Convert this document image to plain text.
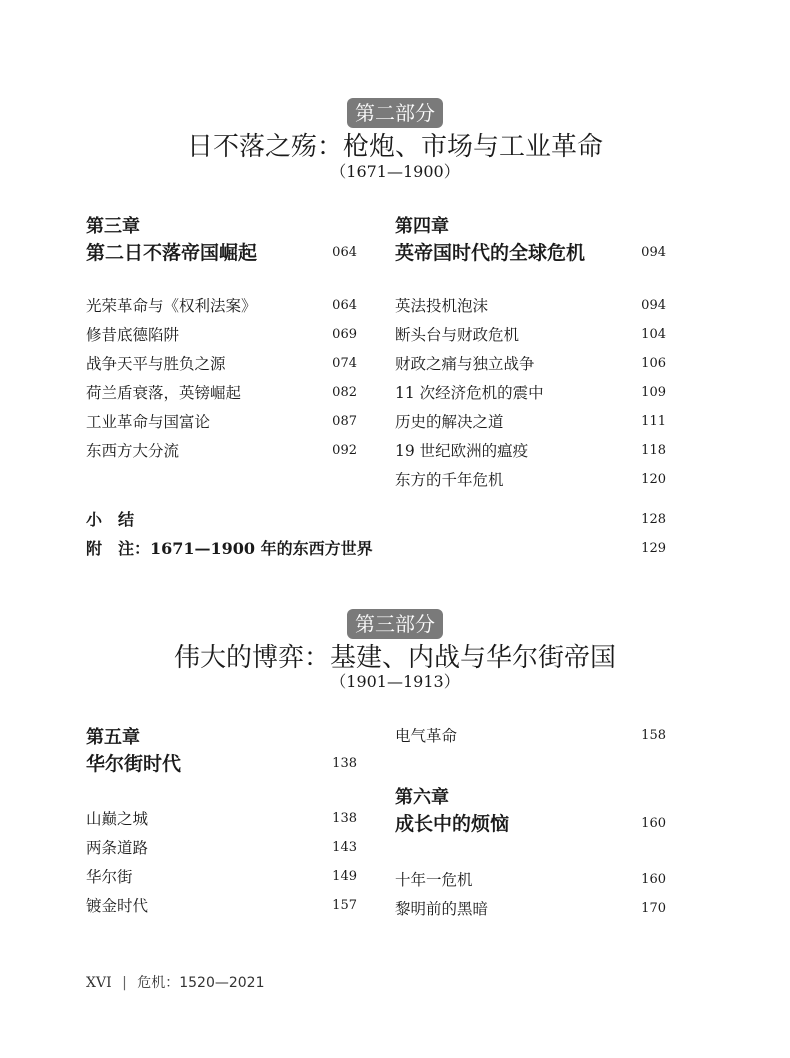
第二部分
日不落之殇：枪炮、市场与工业革命
（1671—1900）
第三章
第二日不落帝国崛起	064
第四章
英帝国时代的全球危机	094
光荣革命与《权利法案》	064
修昔底德陷阱	069
战争天平与胜负之源	074
荷兰盾衰落，英镑崛起	082
工业革命与国富论	087
东西方大分流	092
英法投机泡沫	094
断头台与财政危机	104
财政之痛与独立战争	106
11 次经济危机的震中	109
历史的解决之道	111
19 世纪欧洲的瘟疫	118
东方的千年危机	120
小　结	128
附　注：1671—1900 年的东西方世界	129
第三部分
伟大的博弈：基建、内战与华尔街帝国
（1901—1913）
第五章
华尔街时代	138
山巅之城	138
两条道路	143
华尔街	149
镀金时代	157
电气革命	158
第六章
成长中的烦恼	160
十年一危机	160
黎明前的黑暗	170
XVI | 危机：1520—2021
